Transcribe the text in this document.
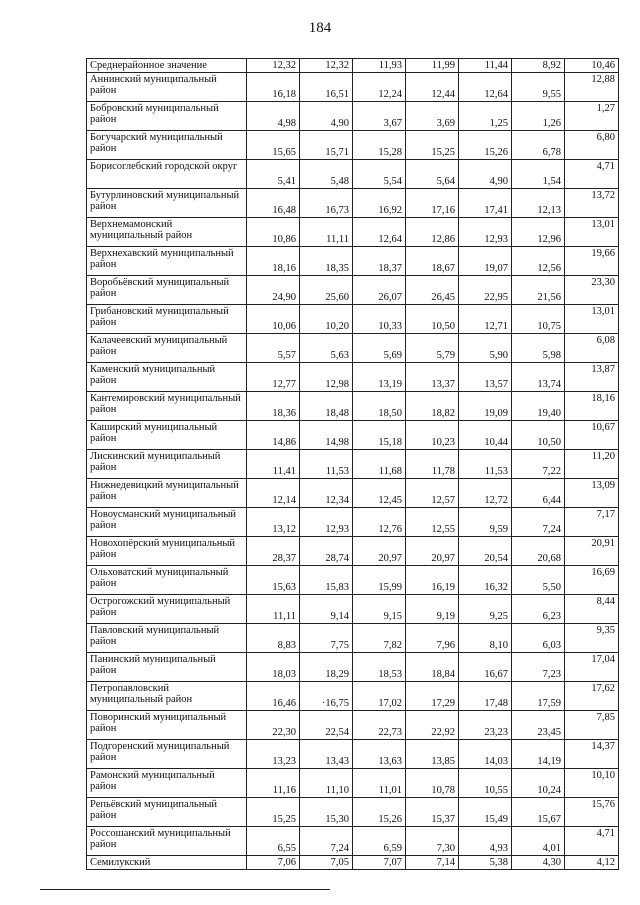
184
Среднерайонное значение	12,32	12,32	11,93	11,99	11,44	8,92	10,46
Аннинский муниципальный район	16,18	16,51	12,24	12,44	12,64	9,55	12,88
Бобровский муниципальный район	4,98	4,90	3,67	3,69	1,25	1,26	1,27
Богучарский муниципальный район	15,65	15,71	15,28	15,25	15,26	6,78	6,80
Борисоглебский городской округ	5,41	5,48	5,54	5,64	4,90	1,54	4,71
Бутурлиновский муниципальный район	16,48	16,73	16,92	17,16	17,41	12,13	13,72
Верхнемамонский муниципальный район	10,86	11,11	12,64	12,86	12,93	12,96	13,01
Верхнехавский муниципальный район	18,16	18,35	18,37	18,67	19,07	12,56	19,66
Воробьёвский муниципальный район	24,90	25,60	26,07	26,45	22,95	21,56	23,30
Грибановский муниципальный район	10,06	10,20	10,33	10,50	12,71	10,75	13,01
Калачеевский муниципальный район	5,57	5,63	5,69	5,79	5,90	5,98	6,08
Каменский муниципальный район	12,77	12,98	13,19	13,37	13,57	13,74	13,87
Кантемировский муниципальный район	18,36	18,48	18,50	18,82	19,09	19,40	18,16
Каширский муниципальный район	14,86	14,98	15,18	10,23	10,44	10,50	10,67
Лискинский муниципальный район	11,41	11,53	11,68	11,78	11,53	7,22	11,20
Нижнедевицкий муниципальный район	12,14	12,34	12,45	12,57	12,72	6,44	13,09
Новоусманский муниципальный район	13,12	12,93	12,76	12,55	9,59	7,24	7,17
Новохопёрский муниципальный район	28,37	28,74	20,97	20,97	20,54	20,68	20,91
Ольховатский муниципальный район	15,63	15,83	15,99	16,19	16,32	5,50	16,69
Острогожский муниципальный район	11,11	9,14	9,15	9,19	9,25	6,23	8,44
Павловский муниципальный район	8,83	7,75	7,82	7,96	8,10	6,03	9,35
Панинский муниципальный район	18,03	18,29	18,53	18,84	16,67	7,23	17,04
Петропавловский муниципальный район	16,46	·16,75	17,02	17,29	17,48	17,59	17,62
Поворинский муниципальный район	22,30	22,54	22,73	22,92	23,23	23,45	7,85
Подгоренский муниципальный район	13,23	13,43	13,63	13,85	14,03	14,19	14,37
Рамонский муниципальный район	11,16	11,10	11,01	10,78	10,55	10,24	10,10
Репьёвский муниципальный район	15,25	15,30	15,26	15,37	15,49	15,67	15,76
Россошанский муниципальный район	6,55	7,24	6,59	7,30	4,93	4,01	4,71
Семилукский	7,06	7,05	7,07	7,14	5,38	4,30	4,12
